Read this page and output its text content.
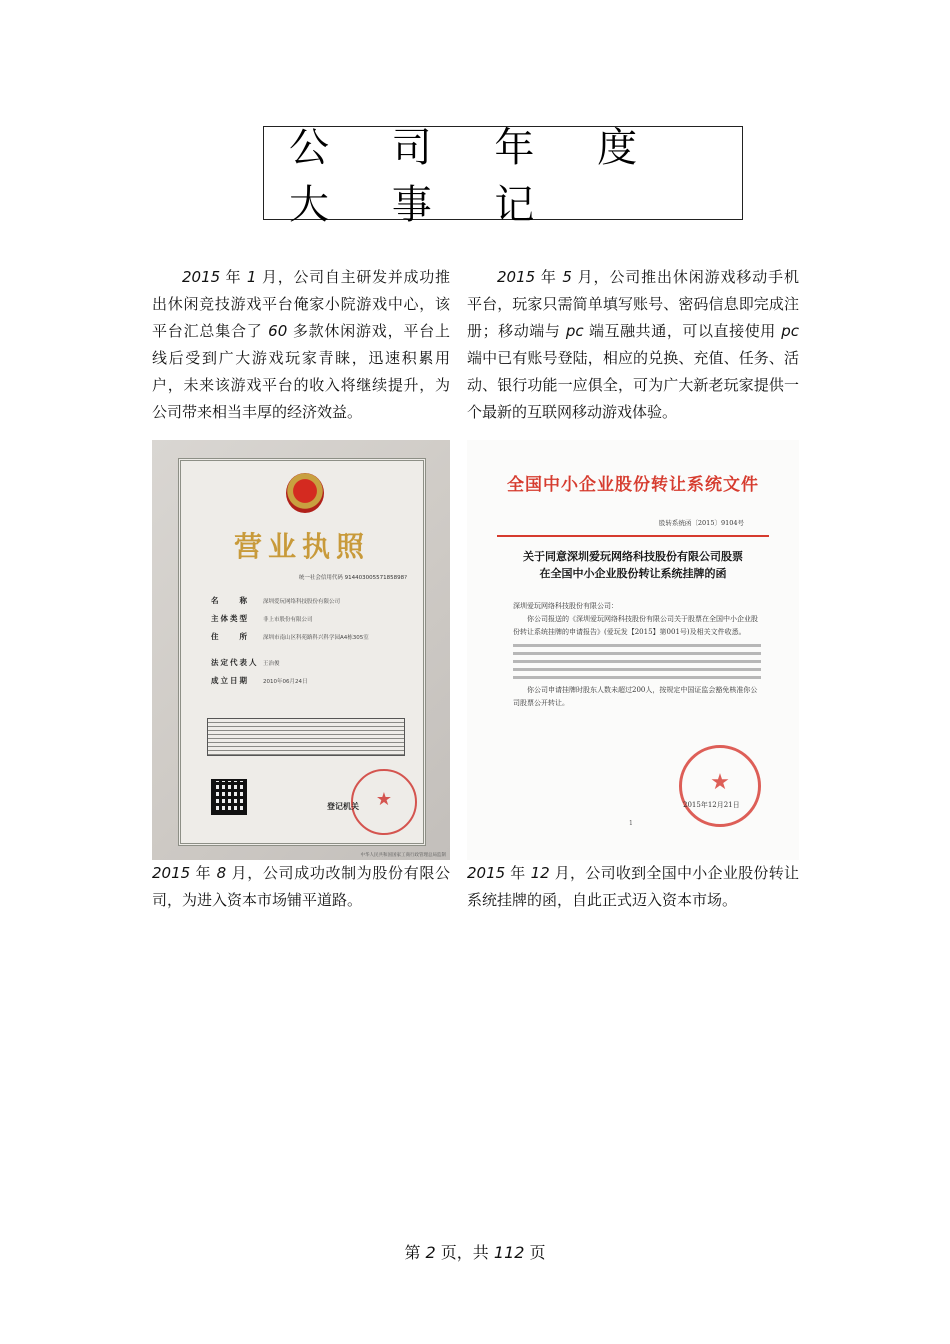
公 司 年 度 大 事 记

2015 年 1 月，公司自主研发并成功推出休闲竞技游戏平台俺家小院游戏中心，该平台汇总集合了 60 多款休闲游戏，平台上线后受到广大游戏玩家青睐，迅速积累用户，未来该游戏平台的收入将继续提升，为公司带来相当丰厚的经济效益。

2015 年 5 月，公司推出休闲游戏移动手机平台，玩家只需简单填写账号、密码信息即完成注册；移动端与 pc 端互融共通，可以直接使用 pc 端中已有账号登陆，相应的兑换、充值、任务、活动、银行功能一应俱全，可为广大新老玩家提供一个最新的互联网移动游戏体验。

营业执照
统一社会信用代码 91440300557185898?
名　　称	深圳爱玩网络科技股份有限公司
主体类型	非上市股份有限公司
住　　所	深圳市南山区科苑路科兴科学园A4栋305室
法定代表人 王治俊
成立日期	2010年06月24日
★
登记机关
中华人民共和国国家工商行政管理总局监制
全国中小企业股份转让系统文件
股转系统函〔2015〕9104号
关于同意深圳爱玩网络科技股份有限公司股票
在全国中小企业股份转让系统挂牌的函
深圳爱玩网络科技股份有限公司：
你公司报送的《深圳爱玩网络科技股份有限公司关于股票在全国中小企业股份转让系统挂牌的申请报告》(爱玩发【2015】第001号)及相关文件收悉。
你公司申请挂牌时股东人数未超过200人，按规定中国证监会豁免核准你公司股票公开转让。
★
2015年12月21日
1

2015 年 8 月，公司成功改制为股份有限公司，为进入资本市场铺平道路。

2015 年 12 月，公司收到全国中小企业股份转让系统挂牌的函，自此正式迈入资本市场。

第 2 页，共 112 页
